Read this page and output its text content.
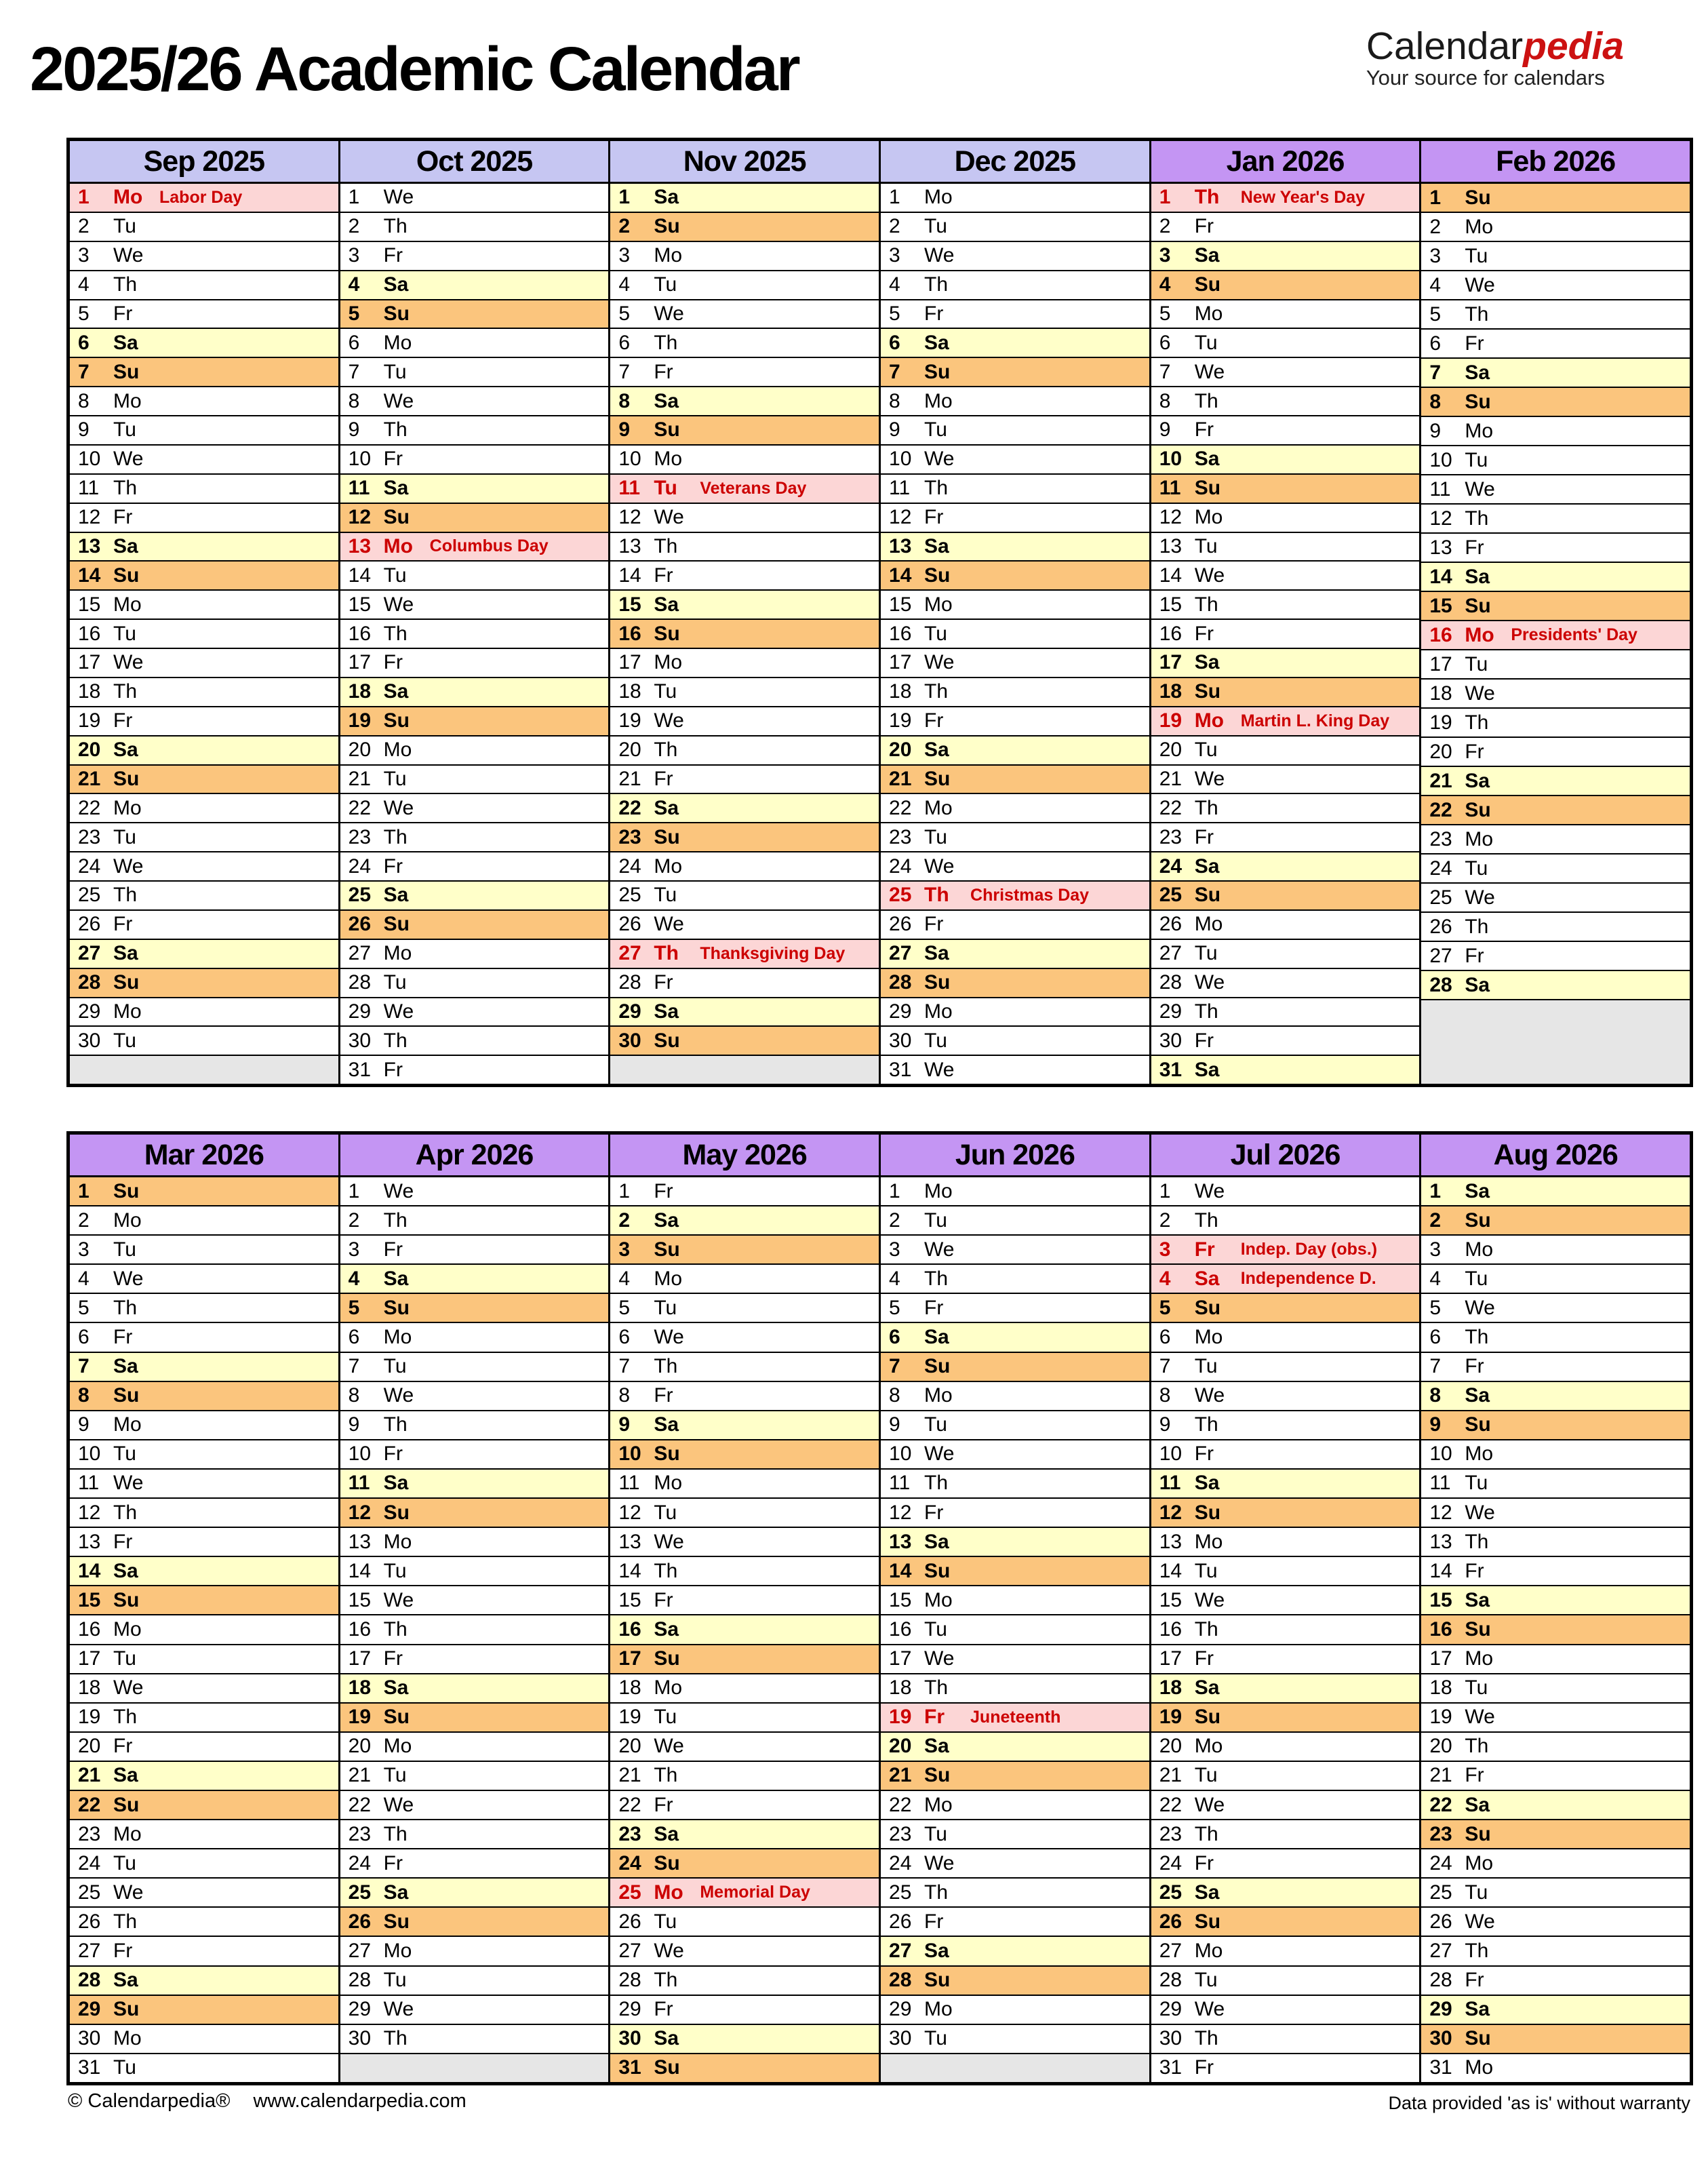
2025/26 Academic Calendar	Calendarpedia
Your source for calendars
Sep 2025
1	Mo Labor Day
2	Tu
3	We
4	Th
5	Fr
6	Sa
7	Su
8	Mo
9	Tu
10 We
11 Th
12 Fr
13 Sa
14 Su
15 Mo
16 Tu
17 We
18 Th
19 Fr
20 Sa
21 Su
22 Mo
23 Tu
24 We
25 Th
26 Fr
27 Sa
28 Su
29 Mo
30 Tu
Oct 2025
1	We
2	Th
3	Fr
4	Sa
5	Su
6	Mo
7	Tu
8	We
9	Th
10 Fr
11 Sa
12 Su
13 Mo Columbus Day
14 Tu
15 We
16 Th
17 Fr
18 Sa
19 Su
20 Mo
21 Tu
22 We
23 Th
24 Fr
25 Sa
26 Su
27 Mo
28 Tu
29 We
30 Th
31 Fr
Nov 2025
1	Sa
2	Su
3	Mo
4	Tu
5	We
6	Th
7	Fr
8	Sa
9	Su
10 Mo
11 Tu	Veterans Day
12 We
13 Th
14 Fr
15 Sa
16 Su
17 Mo
18 Tu
19 We
20 Th
21 Fr
22 Sa
23 Su
24 Mo
25 Tu
26 We
27 Th	Thanksgiving Day
28 Fr
29 Sa
30 Su
Dec 2025
1	Mo
2	Tu
3	We
4	Th
5	Fr
6	Sa
7	Su
8	Mo
9	Tu
10 We
11 Th
12 Fr
13 Sa
14 Su
15 Mo
16 Tu
17 We
18 Th
19 Fr
20 Sa
21 Su
22 Mo
23 Tu
24 We
25 Th	Christmas Day
26 Fr
27 Sa
28 Su
29 Mo
30 Tu
31 We
Jan 2026
1	Th	New Year's Day
2	Fr
3	Sa
4	Su
5	Mo
6	Tu
7	We
8	Th
9	Fr
10 Sa
11 Su
12 Mo
13 Tu
14 We
15 Th
16 Fr
17 Sa
18 Su
19 Mo Martin L. King Day
20 Tu
21 We
22 Th
23 Fr
24 Sa
25 Su
26 Mo
27 Tu
28 We
29 Th
30 Fr
31 Sa
Feb 2026
1	Su
2	Mo
3	Tu
4	We
5	Th
6	Fr
7	Sa
8	Su
9	Mo
10 Tu
11 We
12 Th
13 Fr
14 Sa
15 Su
16 Mo Presidents' Day
17 Tu
18 We
19 Th
20 Fr
21 Sa
22 Su
23 Mo
24 Tu
25 We
26 Th
27 Fr
28 Sa
Mar 2026
1	Su
2	Mo
3	Tu
4	We
5	Th
6	Fr
7	Sa
8	Su
9	Mo
10 Tu
11 We
12 Th
13 Fr
14 Sa
15 Su
16 Mo
17 Tu
18 We
19 Th
20 Fr
21 Sa
22 Su
23 Mo
24 Tu
25 We
26 Th
27 Fr
28 Sa
29 Su
30 Mo
31 Tu
Apr 2026
1	We
2	Th
3	Fr
4	Sa
5	Su
6	Mo
7	Tu
8	We
9	Th
10 Fr
11 Sa
12 Su
13 Mo
14 Tu
15 We
16 Th
17 Fr
18 Sa
19 Su
20 Mo
21 Tu
22 We
23 Th
24 Fr
25 Sa
26 Su
27 Mo
28 Tu
29 We
30 Th
May 2026
1	Fr
2	Sa
3	Su
4	Mo
5	Tu
6	We
7	Th
8	Fr
9	Sa
10 Su
11 Mo
12 Tu
13 We
14 Th
15 Fr
16 Sa
17 Su
18 Mo
19 Tu
20 We
21 Th
22 Fr
23 Sa
24 Su
25 Mo Memorial Day
26 Tu
27 We
28 Th
29 Fr
30 Sa
31 Su
Jun 2026
1	Mo
2	Tu
3	We
4	Th
5	Fr
6	Sa
7	Su
8	Mo
9	Tu
10 We
11 Th
12 Fr
13 Sa
14 Su
15 Mo
16 Tu
17 We
18 Th
19 Fr	Juneteenth
20 Sa
21 Su
22 Mo
23 Tu
24 We
25 Th
26 Fr
27 Sa
28 Su
29 Mo
30 Tu
Jul 2026
1	We
2	Th
3	Fr	Indep. Day (obs.)
4	Sa	Independence D.
5	Su
6	Mo
7	Tu
8	We
9	Th
10 Fr
11 Sa
12 Su
13 Mo
14 Tu
15 We
16 Th
17 Fr
18 Sa
19 Su
20 Mo
21 Tu
22 We
23 Th
24 Fr
25 Sa
26 Su
27 Mo
28 Tu
29 We
30 Th
31 Fr
Aug 2026
1	Sa
2	Su
3	Mo
4	Tu
5	We
6	Th
7	Fr
8	Sa
9	Su
10 Mo
11 Tu
12 We
13 Th
14 Fr
15 Sa
16 Su
17 Mo
18 Tu
19 We
20 Th
21 Fr
22 Sa
23 Su
24 Mo
25 Tu
26 We
27 Th
28 Fr
29 Sa
30 Su
31 Mo
© Calendarpedia® www.calendarpedia.com	Data provided 'as is' without warranty
